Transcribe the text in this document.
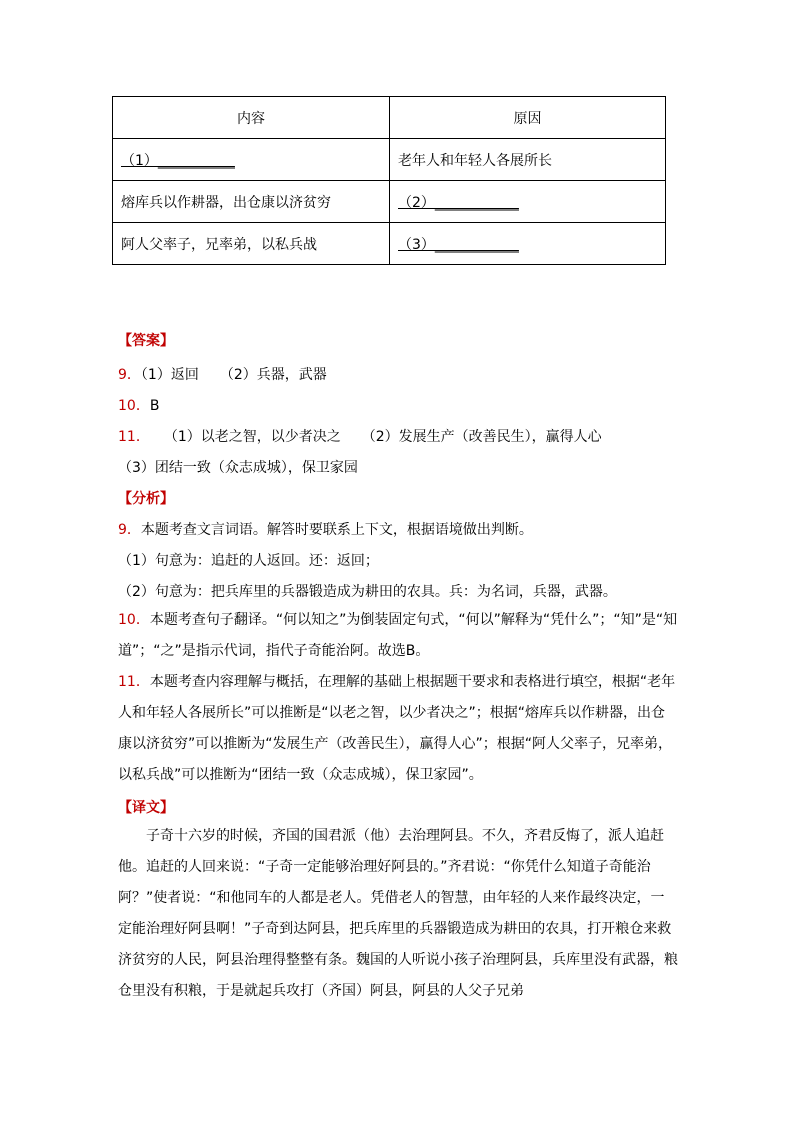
内容	原因
（1）___________	老年人和年轻人各展所长
熔库兵以作耕器，出仓康以济贫穷	（2）____________
阿人父率子，兄率弟，以私兵战	（3）____________
【答案】
9．（1）返回　　（2）兵器，武器
10．B
11．　　（1）以老之智，以少者决之　　（2）发展生产（改善民生），赢得人心
（3）团结一致（众志成城），保卫家园
【分析】
9．本题考查文言词语。解答时要联系上下文，根据语境做出判断。
（1）句意为：追赶的人返回。还：返回；
（2）句意为：把兵库里的兵器锻造成为耕田的农具。兵：为名词，兵器，武器。
10．本题考查句子翻译。“何以知之”为倒装固定句式，“何以”解释为“凭什么”；“知”是“知道”；“之”是指示代词，指代子奇能治阿。故选B。
11．本题考查内容理解与概括，在理解的基础上根据题干要求和表格进行填空，根据“老年人和年轻人各展所长”可以推断是“以老之智，以少者决之”；根据“熔库兵以作耕器，出仓康以济贫穷”可以推断为“发展生产（改善民生），赢得人心”；根据“阿人父率子，兄率弟，以私兵战”可以推断为“团结一致（众志成城），保卫家园”。
【译文】
子奇十六岁的时候，齐国的国君派（他）去治理阿县。不久，齐君反悔了，派人追赶他。追赶的人回来说：“子奇一定能够治理好阿县的。”齐君说：“你凭什么知道子奇能治阿？”使者说：“和他同车的人都是老人。凭借老人的智慧，由年轻的人来作最终决定，一定能治理好阿县啊！”子奇到达阿县，把兵库里的兵器锻造成为耕田的农具，打开粮仓来救济贫穷的人民，阿县治理得整整有条。魏国的人听说小孩子治理阿县，兵库里没有武器，粮仓里没有积粮，于是就起兵攻打（齐国）阿县，阿县的人父子兄弟
